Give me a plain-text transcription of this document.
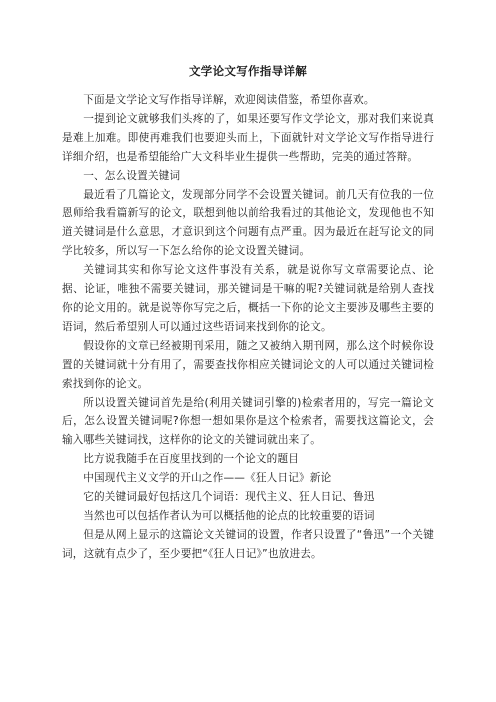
文学论文写作指导详解

下面是文学论文写作指导详解，欢迎阅读借鉴，希望你喜欢。

一提到论文就够我们头疼的了，如果还要写作文学论文，那对我们来说真是难上加难。即使再难我们也要迎头而上，下面就针对文学论文写作指导进行详细介绍，也是希望能给广大文科毕业生提供一些帮助，完美的通过答辩。

一、怎么设置关键词

最近看了几篇论文，发现部分同学不会设置关键词。前几天有位我的一位恩师给我看篇新写的论文，联想到他以前给我看过的其他论文，发现他也不知道关键词是什么意思，才意识到这个问题有点严重。因为最近在赶写论文的同学比较多，所以写一下怎么给你的论文设置关键词。

关键词其实和你写论文这件事没有关系，就是说你写文章需要论点、论据、论证，唯独不需要关键词，那关键词是干嘛的呢?关键词就是给别人查找你的论文用的。就是说等你写完之后，概括一下你的论文主要涉及哪些主要的语词，然后希望别人可以通过这些语词来找到你的论文。

假设你的文章已经被期刊采用，随之又被纳入期刊网，那么这个时候你设置的关键词就十分有用了，需要查找你相应关键词论文的人可以通过关键词检索找到你的论文。

所以设置关键词首先是给(利用关键词引擎的)检索者用的，写完一篇论文后，怎么设置关键词呢?你想一想如果你是这个检索者，需要找这篇论文，会输入哪些关键词找，这样你的论文的关键词就出来了。

比方说我随手在百度里找到的一个论文的题目

中国现代主义文学的开山之作——《狂人日记》新论

它的关键词最好包括这几个词语：现代主义、狂人日记、鲁迅

当然也可以包括作者认为可以概括他的论点的比较重要的语词

但是从网上显示的这篇论文关键词的设置，作者只设置了“鲁迅”一个关键词，这就有点少了，至少要把“《狂人日记》”也放进去。
